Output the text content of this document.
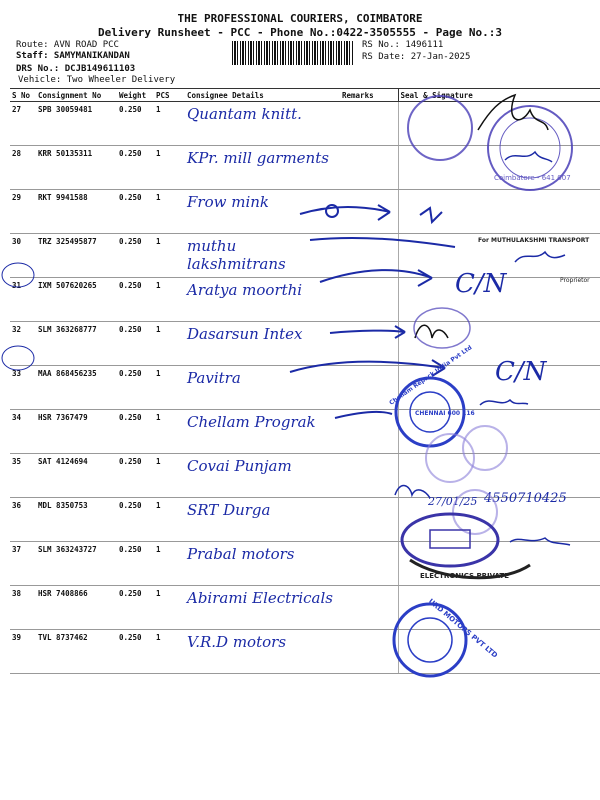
THE PROFESSIONAL COURIERS, COIMBATORE
Delivery Runsheet - PCC - Phone No.:0422-3505555 - Page No.:3
Route: AVN ROAD PCC
Staff: SAMYMANIKANDAN
DRS No.: DCJB149611103
Vehicle: Two Wheeler Delivery
RS No.: 1496111
RS Date: 27-Jan-2025
S No	Consignment No	Weight	PCS	Consignee Details	Remarks	Seal & Signature
27	SPB 30059481	0.250	1	Quantam knitt.		
28	KRR 50135311	0.250	1	KPr. mill garments		
29	RKT 9941588	0.250	1	Frow mink		
30	TRZ 325495877	0.250	1	muthu lakshmitrans		
31	IXM 507620265	0.250	1	Aratya moorthi		
32	SLM 363268777	0.250	1	Dasarsun Intex		
33	MAA 868456235	0.250	1	Pavitra		
34	HSR 7367479	0.250	1	Chellam Prograk		
35	SAT 4124694	0.250	1	Covai Punjam		
36	MDL 8350753	0.250	1	SRT Durga		
37	SLM 363243727	0.250	1	Prabal motors		
38	HSR 7408866	0.250	1	Abirami Electricals		
39	TVL 8737462	0.250	1	V.R.D motors		
C/N
C/N
4550710425
27/01/25
Coimbatore - 641 007
For MUTHULAKSHMI TRANSPORT
Proprietor
Chellam Repack India Pvt Ltd
CHENNAI 600 116
ELECTRONICS PRIVATE
URD MOTORS PVT LTD
